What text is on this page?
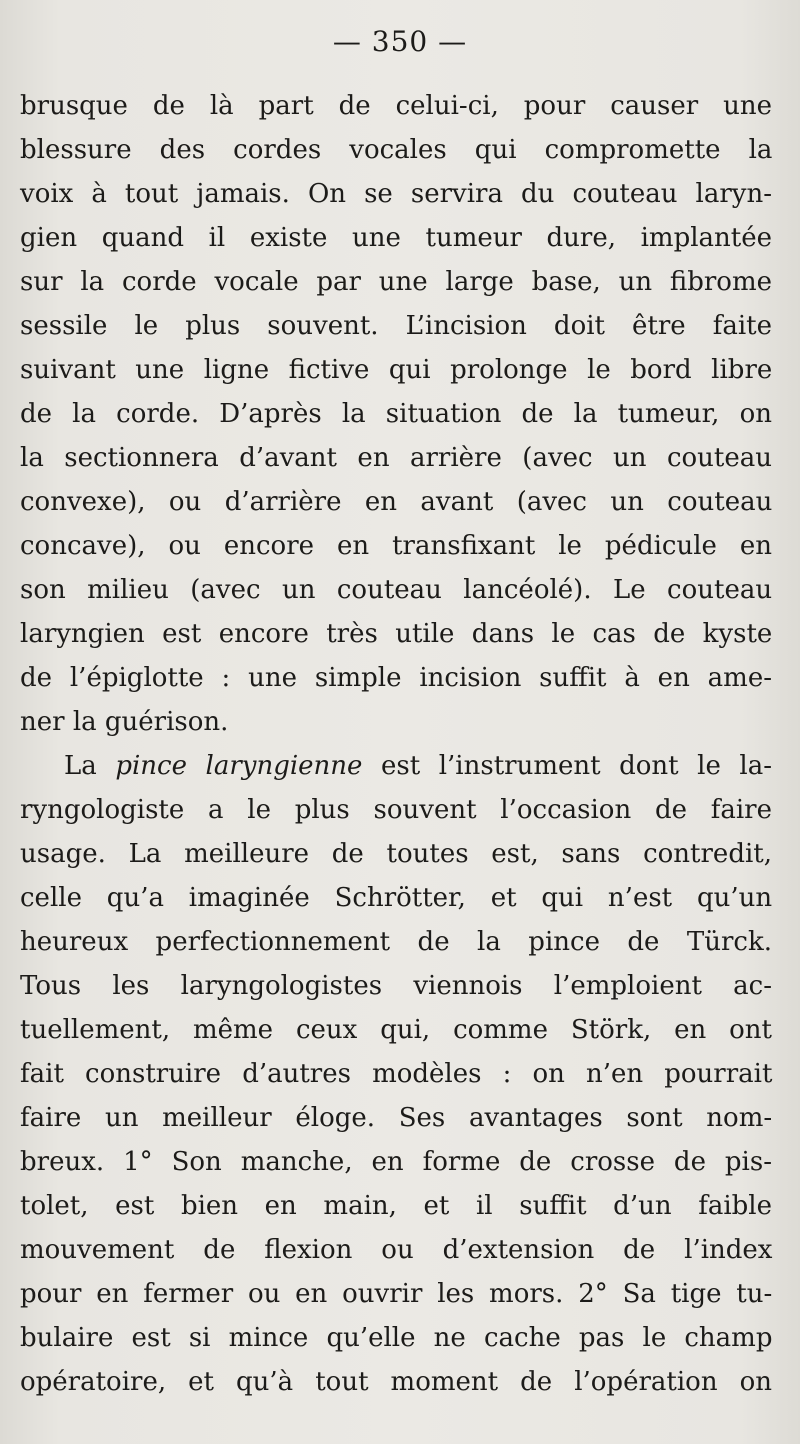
— 350 —
brusque de là part de celui-ci, pour causer une
blessure des cordes vocales qui compromette la
voix à tout jamais. On se servira du couteau laryn-
gien quand il existe une tumeur dure, implantée
sur la corde vocale par une large base, un fibrome
sessile le plus souvent. L’incision doit être faite
suivant une ligne fictive qui prolonge le bord libre
de la corde. D’après la situation de la tumeur, on
la sectionnera d’avant en arrière (avec un couteau
convexe), ou d’arrière en avant (avec un couteau
concave), ou encore en transfixant le pédicule en
son milieu (avec un couteau lancéolé). Le couteau
laryngien est encore très utile dans le cas de kyste
de l’épiglotte : une simple incision suffit à en ame-
ner la guérison.
La pince laryngienne est l’instrument dont le la-
ryngologiste a le plus souvent l’occasion de faire
usage. La meilleure de toutes est, sans contredit,
celle qu’a imaginée Schrötter, et qui n’est qu’un
heureux perfectionnement de la pince de Türck.
Tous les laryngologistes viennois l’emploient ac-
tuellement, même ceux qui, comme Störk, en ont
fait construire d’autres modèles : on n’en pourrait
faire un meilleur éloge. Ses avantages sont nom-
breux. 1° Son manche, en forme de crosse de pis-
tolet, est bien en main, et il suffit d’un faible
mouvement de flexion ou d’extension de l’index
pour en fermer ou en ouvrir les mors. 2° Sa tige tu-
bulaire est si mince qu’elle ne cache pas le champ
opératoire, et qu’à tout moment de l’opération on
